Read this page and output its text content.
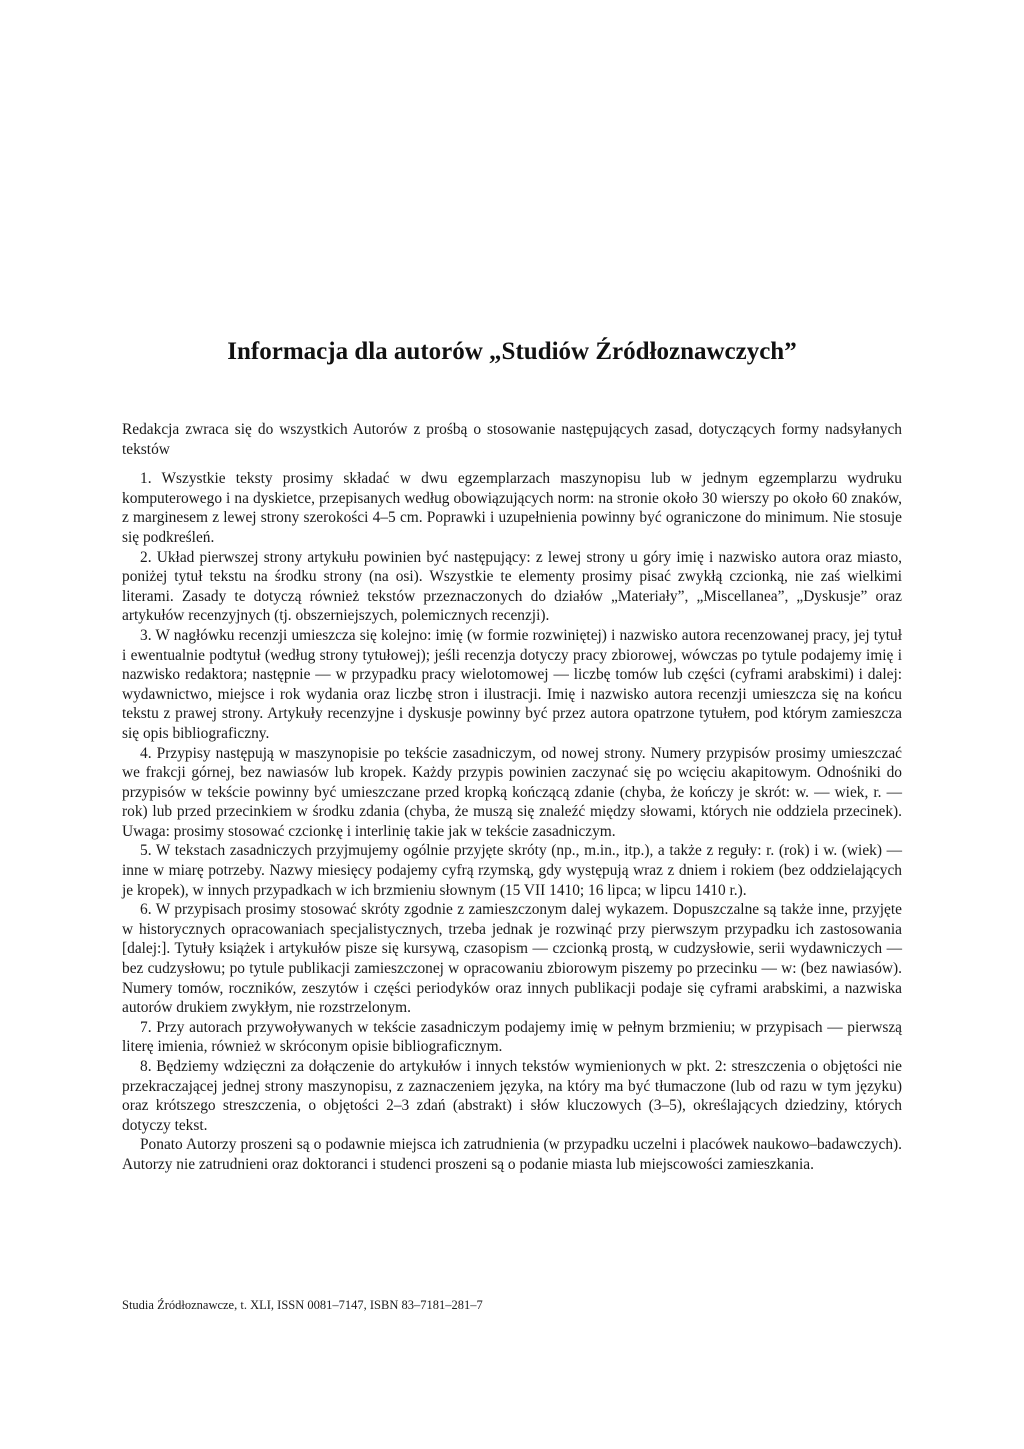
Informacja dla autorów „Studiów Źródłoznawczych”

Redakcja zwraca się do wszystkich Autorów z prośbą o stosowanie następujących zasad, dotyczących formy nadsyłanych tekstów

1. Wszystkie teksty prosimy składać w dwu egzemplarzach maszynopisu lub w jednym egzemplarzu wydruku komputerowego i na dyskietce, przepisanych według obowiązujących norm: na stronie około 30 wierszy po około 60 znaków, z marginesem z lewej strony szerokości 4–5 cm. Poprawki i uzupełnienia powinny być ograniczone do minimum. Nie stosuje się podkreśleń.

2. Układ pierwszej strony artykułu powinien być następujący: z lewej strony u góry imię i nazwisko autora oraz miasto, poniżej tytuł tekstu na środku strony (na osi). Wszystkie te elementy prosimy pisać zwykłą czcionką, nie zaś wielkimi literami. Zasady te dotyczą również tekstów przeznaczonych do działów „Materiały”, „Miscellanea”, „Dyskusje” oraz artykułów recenzyjnych (tj. obszerniejszych, polemicznych recenzji).

3. W nagłówku recenzji umieszcza się kolejno: imię (w formie rozwiniętej) i nazwisko autora recenzowanej pracy, jej tytuł i ewentualnie podtytuł (według strony tytułowej); jeśli recenzja dotyczy pracy zbiorowej, wówczas po tytule podajemy imię i nazwisko redaktora; następnie — w przypadku pracy wielotomowej — liczbę tomów lub części (cyframi arabskimi) i dalej: wydawnictwo, miejsce i rok wydania oraz liczbę stron i ilustracji. Imię i nazwisko autora recenzji umieszcza się na końcu tekstu z prawej strony. Artykuły recenzyjne i dyskusje powinny być przez autora opatrzone tytułem, pod którym zamieszcza się opis bibliograficzny.

4. Przypisy następują w maszynopisie po tekście zasadniczym, od nowej strony. Numery przypisów prosimy umieszczać we frakcji górnej, bez nawiasów lub kropek. Każdy przypis powinien zaczynać się po wcięciu akapitowym. Odnośniki do przypisów w tekście powinny być umieszczane przed kropką kończącą zdanie (chyba, że kończy je skrót: w. — wiek, r. — rok) lub przed przecinkiem w środku zdania (chyba, że muszą się znaleźć między słowami, których nie oddziela przecinek). Uwaga: prosimy stosować czcionkę i interlinię takie jak w tekście zasadniczym.

5. W tekstach zasadniczych przyjmujemy ogólnie przyjęte skróty (np., m.in., itp.), a także z reguły: r. (rok) i w. (wiek) — inne w miarę potrzeby. Nazwy miesięcy podajemy cyfrą rzymską, gdy występują wraz z dniem i rokiem (bez oddzielających je kropek), w innych przypadkach w ich brzmieniu słownym (15 VII 1410; 16 lipca; w lipcu 1410 r.).

6. W przypisach prosimy stosować skróty zgodnie z zamieszczonym dalej wykazem. Dopuszczalne są także inne, przyjęte w historycznych opracowaniach specjalistycznych, trzeba jednak je rozwinąć przy pierwszym przypadku ich zastosowania [dalej:]. Tytuły książek i artykułów pisze się kursywą, czasopism — czcionką prostą, w cudzysłowie, serii wydawniczych — bez cudzysłowu; po tytule publikacji zamieszczonej w opracowaniu zbiorowym piszemy po przecinku — w: (bez nawiasów). Numery tomów, roczników, zeszytów i części periodyków oraz innych publikacji podaje się cyframi arabskimi, a nazwiska autorów drukiem zwykłym, nie rozstrzelonym.

7. Przy autorach przywoływanych w tekście zasadniczym podajemy imię w pełnym brzmieniu; w przypisach — pierwszą literę imienia, również w skróconym opisie bibliograficznym.

8. Będziemy wdzięczni za dołączenie do artykułów i innych tekstów wymienionych w pkt. 2: streszczenia o objętości nie przekraczającej jednej strony maszynopisu, z zaznaczeniem języka, na który ma być tłumaczone (lub od razu w tym języku) oraz krótszego streszczenia, o objętości 2–3 zdań (abstrakt) i słów kluczowych (3–5), określających dziedziny, których dotyczy tekst.

Ponato Autorzy proszeni są o podawnie miejsca ich zatrudnienia (w przypadku uczelni i placówek naukowo–badawczych). Autorzy nie zatrudnieni oraz doktoranci i studenci proszeni są o podanie miasta lub miejscowości zamieszkania.

Studia Źródłoznawcze, t. XLI, ISSN 0081–7147, ISBN 83–7181–281–7
